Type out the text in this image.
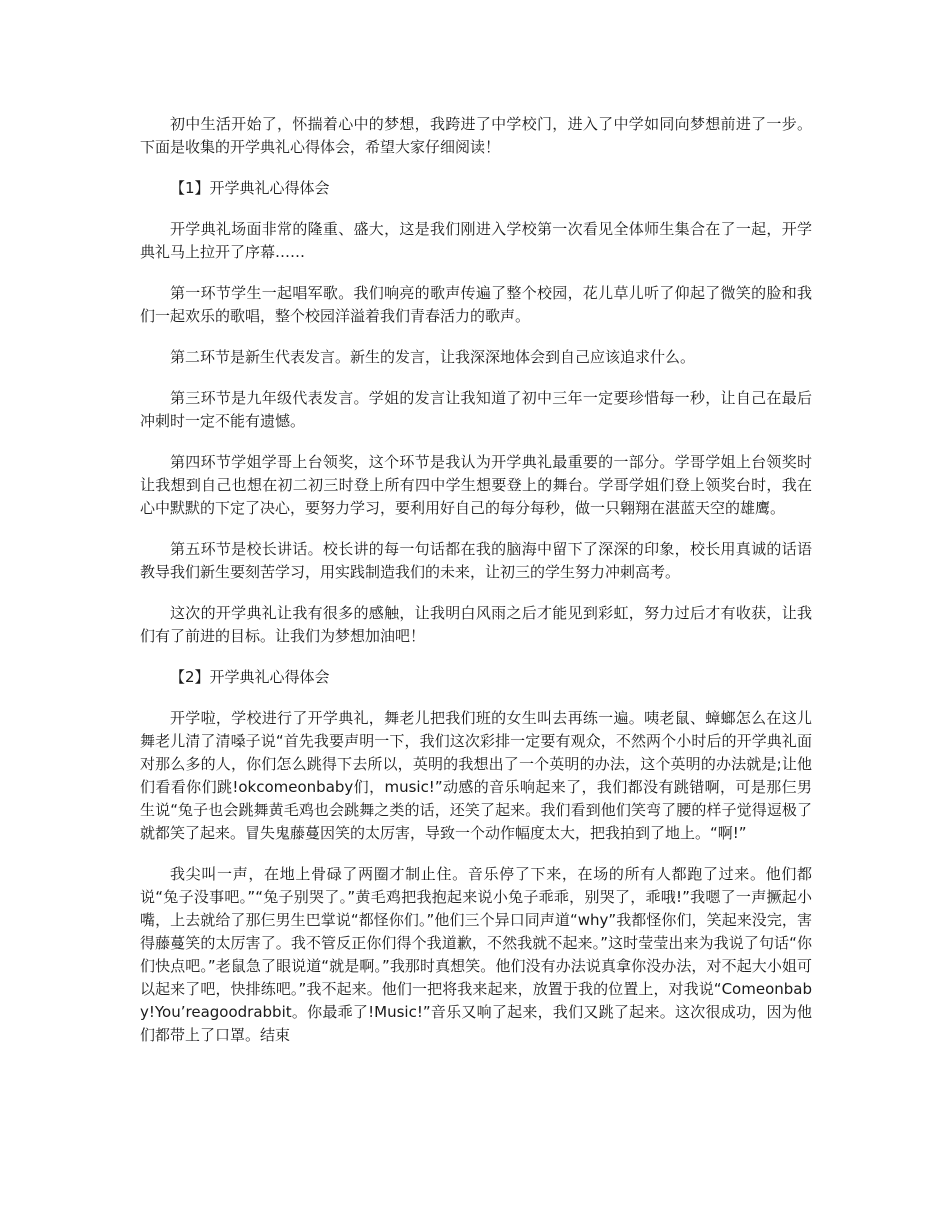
初中生活开始了，怀揣着心中的梦想，我跨进了中学校门，进入了中学如同向梦想前进了一步。下面是收集的开学典礼心得体会，希望大家仔细阅读！

【1】开学典礼心得体会

开学典礼场面非常的隆重、盛大，这是我们刚进入学校第一次看见全体师生集合在了一起，开学典礼马上拉开了序幕……

第一环节学生一起唱军歌。我们响亮的歌声传遍了整个校园，花儿草儿听了仰起了微笑的脸和我们一起欢乐的歌唱，整个校园洋溢着我们青春活力的歌声。

第二环节是新生代表发言。新生的发言，让我深深地体会到自己应该追求什么。

第三环节是九年级代表发言。学姐的发言让我知道了初中三年一定要珍惜每一秒，让自己在最后冲刺时一定不能有遗憾。

第四环节学姐学哥上台领奖，这个环节是我认为开学典礼最重要的一部分。学哥学姐上台领奖时让我想到自己也想在初二初三时登上所有四中学生想要登上的舞台。学哥学姐们登上领奖台时，我在心中默默的下定了决心，要努力学习，要利用好自己的每分每秒，做一只翱翔在湛蓝天空的雄鹰。

第五环节是校长讲话。校长讲的每一句话都在我的脑海中留下了深深的印象，校长用真诚的话语教导我们新生要刻苦学习，用实践制造我们的未来，让初三的学生努力冲刺高考。

这次的开学典礼让我有很多的感触，让我明白风雨之后才能见到彩虹，努力过后才有收获，让我们有了前进的目标。让我们为梦想加油吧！

【2】开学典礼心得体会

开学啦，学校进行了开学典礼，舞老儿把我们班的女生叫去再练一遍。咦老鼠、蟑螂怎么在这儿舞老儿清了清嗓子说“首先我要声明一下，我们这次彩排一定要有观众，不然两个小时后的开学典礼面对那么多的人，你们怎么跳得下去所以，英明的我想出了一个英明的办法，这个英明的办法就是;让他们看看你们跳!okcomeonbaby们，music!”动感的音乐响起来了，我们都没有跳错啊，可是那仨男生说“兔子也会跳舞黄毛鸡也会跳舞之类的话，还笑了起来。我们看到他们笑弯了腰的样子觉得逗极了就都笑了起来。冒失鬼藤蔓因笑的太厉害，导致一个动作幅度太大，把我拍到了地上。“啊!”

我尖叫一声，在地上骨碌了两圈才制止住。音乐停了下来，在场的所有人都跑了过来。他们都说“兔子没事吧。”“兔子别哭了。”黄毛鸡把我抱起来说小兔子乖乖，别哭了，乖哦!”我嗯了一声撅起小嘴，上去就给了那仨男生巴掌说“都怪你们。”他们三个异口同声道“why”我都怪你们，笑起来没完，害得藤蔓笑的太厉害了。我不管反正你们得个我道歉，不然我就不起来。”这时莹莹出来为我说了句话“你们快点吧。”老鼠急了眼说道“就是啊。”我那时真想笑。他们没有办法说真拿你没办法，对不起大小姐可以起来了吧，快排练吧。”我不起来。他们一把将我来起来，放置于我的位置上，对我说“Comeonbaby!You’reagoodrabbit。你最乖了!Music!”音乐又响了起来，我们又跳了起来。这次很成功，因为他们都带上了口罩。结束
